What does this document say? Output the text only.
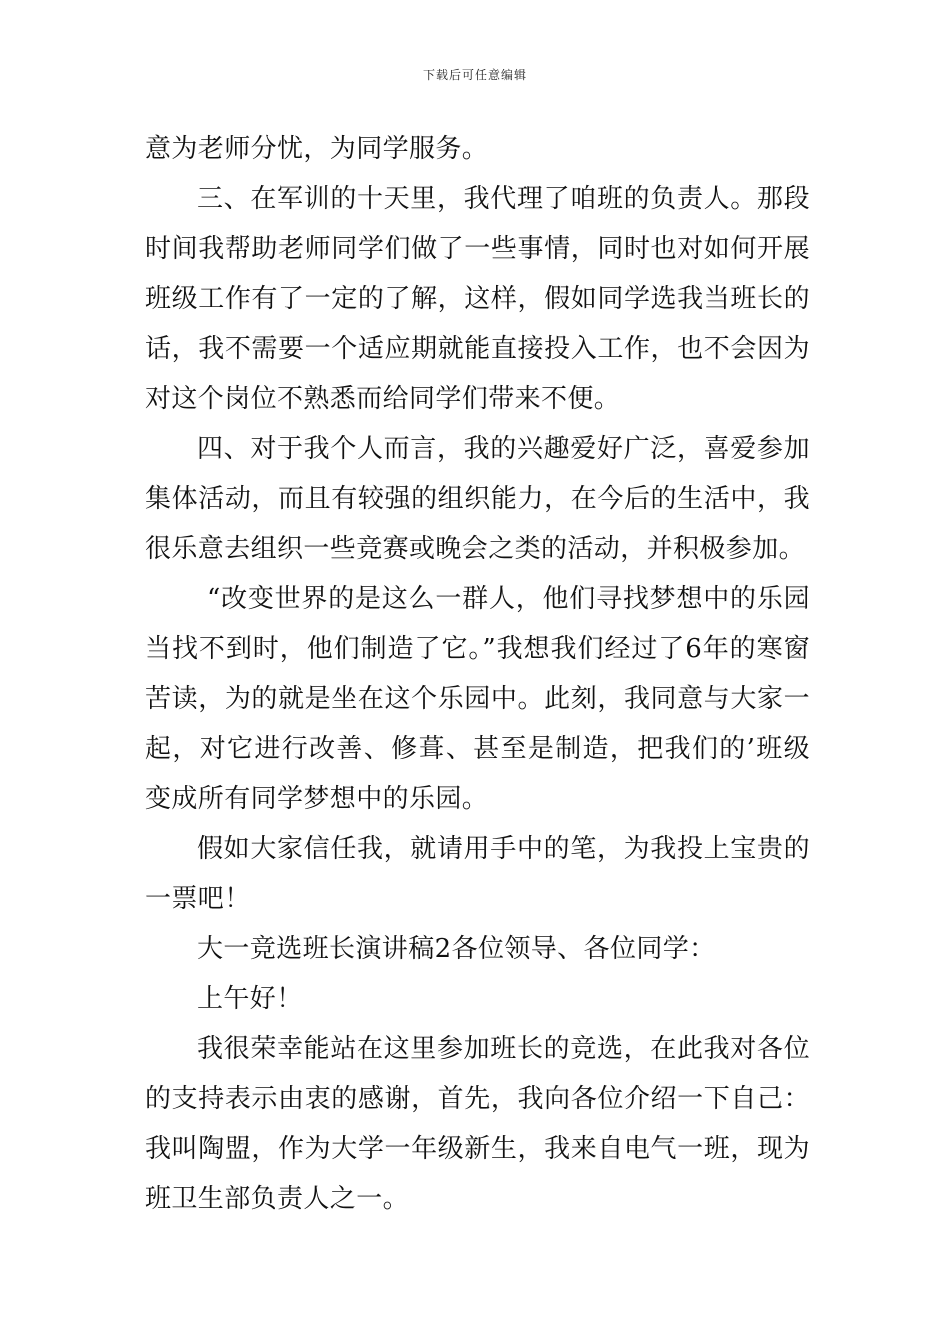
下载后可任意编辑

意为老师分忧，为同学服务。

三、在军训的十天里，我代理了咱班的负责人。那段时间我帮助老师同学们做了一些事情，同时也对如何开展班级工作有了一定的了解，这样，假如同学选我当班长的话，我不需要一个适应期就能直接投入工作，也不会因为对这个岗位不熟悉而给同学们带来不便。

四、对于我个人而言，我的兴趣爱好广泛，喜爱参加集体活动，而且有较强的组织能力，在今后的生活中，我很乐意去组织一些竞赛或晚会之类的活动，并积极参加。

“改变世界的是这么一群人，他们寻找梦想中的乐园当找不到时，他们制造了它。”我想我们经过了6年的寒窗苦读，为的就是坐在这个乐园中。此刻，我同意与大家一起，对它进行改善、修葺、甚至是制造，把我们的’班级变成所有同学梦想中的乐园。

假如大家信任我，就请用手中的笔，为我投上宝贵的一票吧！

大一竞选班长演讲稿2各位领导、各位同学：

上午好！

我很荣幸能站在这里参加班长的竞选，在此我对各位的支持表示由衷的感谢，首先，我向各位介绍一下自己：我叫陶盟，作为大学一年级新生，我来自电气一班，现为班卫生部负责人之一。
